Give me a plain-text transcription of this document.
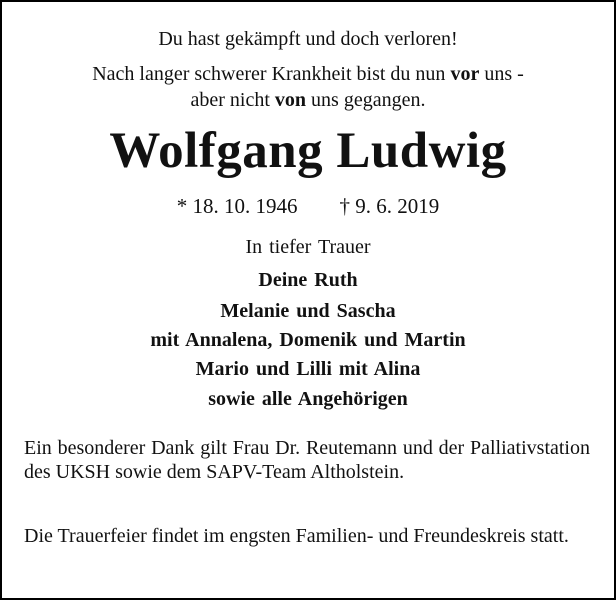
Du hast gekämpft und doch verloren!
Nach langer schwerer Krankheit bist du nun vor uns -
aber nicht von uns gegangen.
Wolfgang Ludwig
* 18. 10. 1946 † 9. 6. 2019
In tiefer Trauer
Deine Ruth
Melanie und Sascha
mit Annalena, Domenik und Martin
Mario und Lilli mit Alina
sowie alle Angehörigen
Ein besonderer Dank gilt Frau Dr. Reutemann und der Palliativstation des UKSH sowie dem SAPV-Team Altholstein.
Die Trauerfeier findet im engsten Familien- und Freundeskreis statt.
